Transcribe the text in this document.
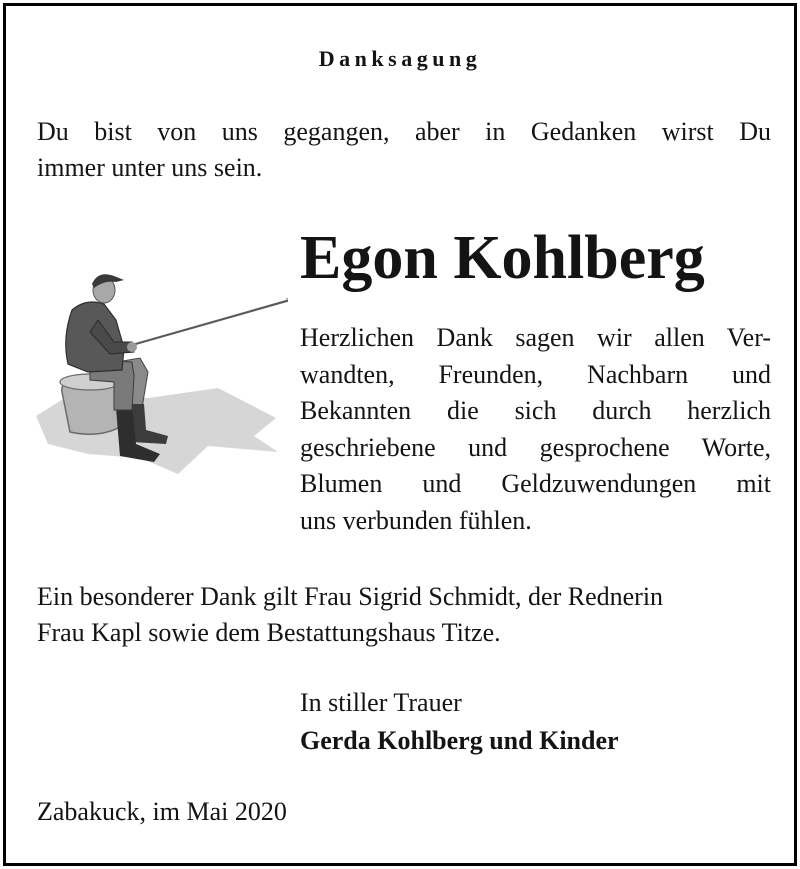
Danksagung
Du bist von uns gegangen, aber in Gedanken wirst Du
immer unter uns sein.
Egon Kohlberg
Herzlichen Dank sagen wir allen Ver-
wandten, Freunden, Nachbarn und
Bekannten die sich durch herzlich
geschriebene und gesprochene Worte,
Blumen und Geldzuwendungen mit
uns verbunden fühlen.
Ein besonderer Dank gilt Frau Sigrid Schmidt, der Rednerin
Frau Kapl sowie dem Bestattungshaus Titze.
In stiller Trauer
Gerda Kohlberg und Kinder
Zabakuck, im Mai 2020
